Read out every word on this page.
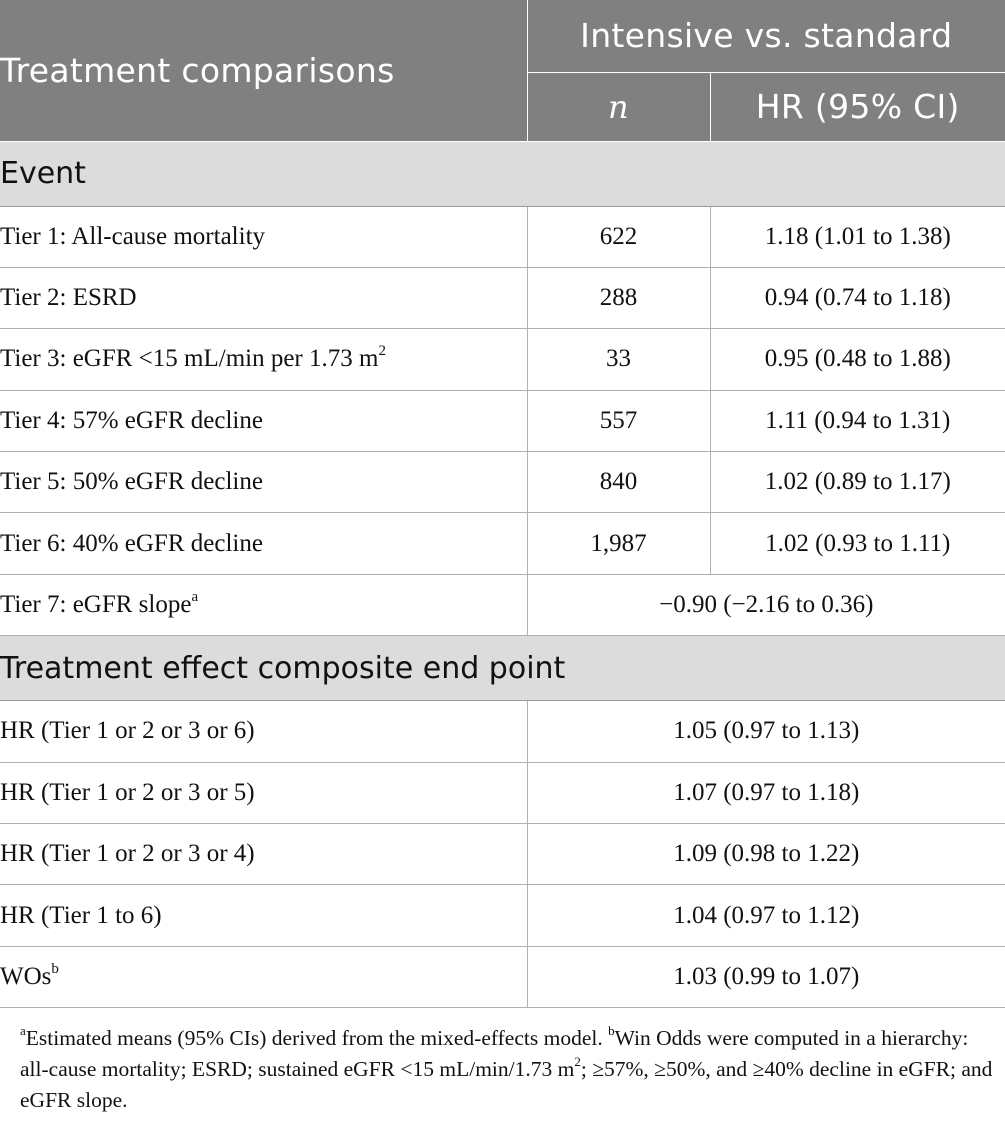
Treatment comparisons	Intensive vs. standard	
	n	HR (95% CI)
Event		
Tier 1: All-cause mortality	622	1.18 (1.01 to 1.38)
Tier 2: ESRD	288	0.94 (0.74 to 1.18)
Tier 3: eGFR <15 mL/min per 1.73 $m^2$	33	0.95 (0.48 to 1.88)
Tier 4: 57% eGFR decline	557	1.11 (0.94 to 1.31)
Tier 5: 50% eGFR decline	840	1.02 (0.89 to 1.17)
Tier 6: 40% eGFR decline	1,987	1.02 (0.93 to 1.11)
Tier 7: eGFR slope$^a$	−0.90 (−2.16 to 0.36)	
Treatment effect composite end point		
HR (Tier 1 or 2 or 3 or 6)	1.05 (0.97 to 1.13)	
HR (Tier 1 or 2 or 3 or 5)	1.07 (0.97 to 1.18)	
HR (Tier 1 or 2 or 3 or 4)	1.09 (0.98 to 1.22)	
HR (Tier 1 to 6)	1.04 (0.97 to 1.12)	
WOs$^b$	1.03 (0.99 to 1.07)	
$^a$Estimated means (95% CIs) derived from the mixed-effects model. $^b$Win Odds were computed in a hierarchy: all-cause mortality; ESRD; sustained eGFR <15 mL/min/1.73 $m^2$; ≥57%, ≥50%, and ≥40% decline in eGFR; and eGFR slope.
